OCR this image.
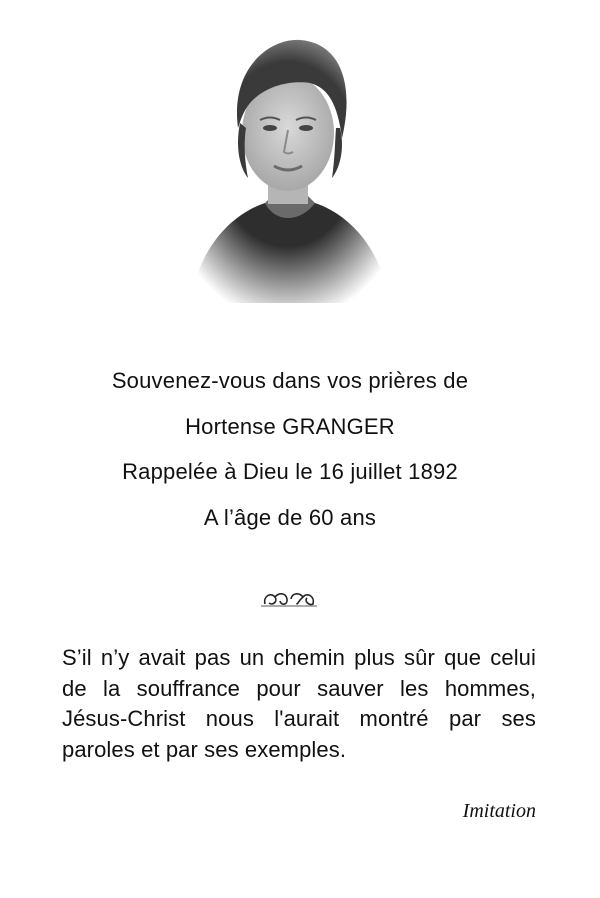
Souvenez-vous dans vos prières de
Hortense GRANGER
Rappelée à Dieu le 16 juillet 1892
A l’âge de 60 ans
S’il n’y avait pas un chemin plus sûr que celui de la souffrance pour sauver les hommes, Jésus-Christ nous l'aurait montré par ses paroles et par ses exemples.
Imitation
